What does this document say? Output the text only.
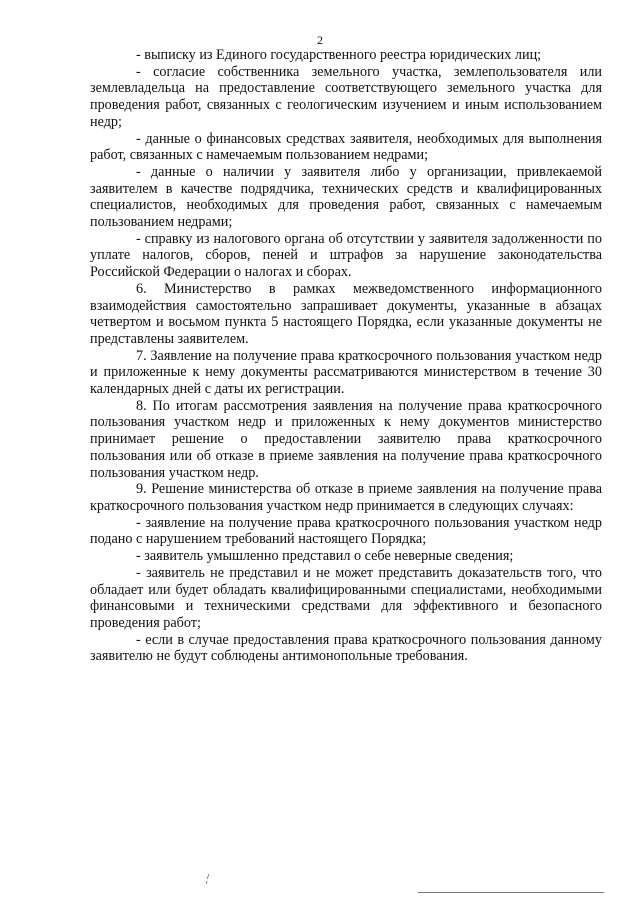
2

- выписку из Единого государственного реестра юридических лиц;

- согласие собственника земельного участка, землепользователя или землевладельца на предоставление соответствующего земельного участка для проведения работ, связанных с геологическим изучением и иным использованием недр;

- данные о финансовых средствах заявителя, необходимых для выполнения работ, связанных с намечаемым пользованием недрами;

- данные о наличии у заявителя либо у организации, привлекаемой заявителем в качестве подрядчика, технических средств и квалифицированных специалистов, необходимых для проведения работ, связанных с намечаемым пользованием недрами;

- справку из налогового органа об отсутствии у заявителя задолженности по уплате налогов, сборов, пеней и штрафов за нарушение законодательства Российской Федерации о налогах и сборах.

6. Министерство в рамках межведомственного информационного взаимодействия самостоятельно запрашивает документы, указанные в абзацах четвертом и восьмом пункта 5 настоящего Порядка, если указанные документы не представлены заявителем.

7. Заявление на получение права краткосрочного пользования участком недр и приложенные к нему документы рассматриваются министерством в течение 30 календарных дней с даты их регистрации.

8. По итогам рассмотрения заявления на получение права краткосрочного пользования участком недр и приложенных к нему документов министерство принимает решение о предоставлении заявителю права краткосрочного пользования или об отказе в приеме заявления на получение права краткосрочного пользования участком недр.

9. Решение министерства об отказе в приеме заявления на получение права краткосрочного пользования участком недр принимается в следующих случаях:

- заявление на получение права краткосрочного пользования участком недр подано с нарушением требований настоящего Порядка;

- заявитель умышленно представил о себе неверные сведения;

- заявитель не представил и не может представить доказательств того, что обладает или будет обладать квалифицированными специалистами, необходимыми финансовыми и техническими средствами для эффективного и безопасного проведения работ;

- если в случае предоставления права краткосрочного пользования данному заявителю не будут соблюдены антимонопольные требования.
